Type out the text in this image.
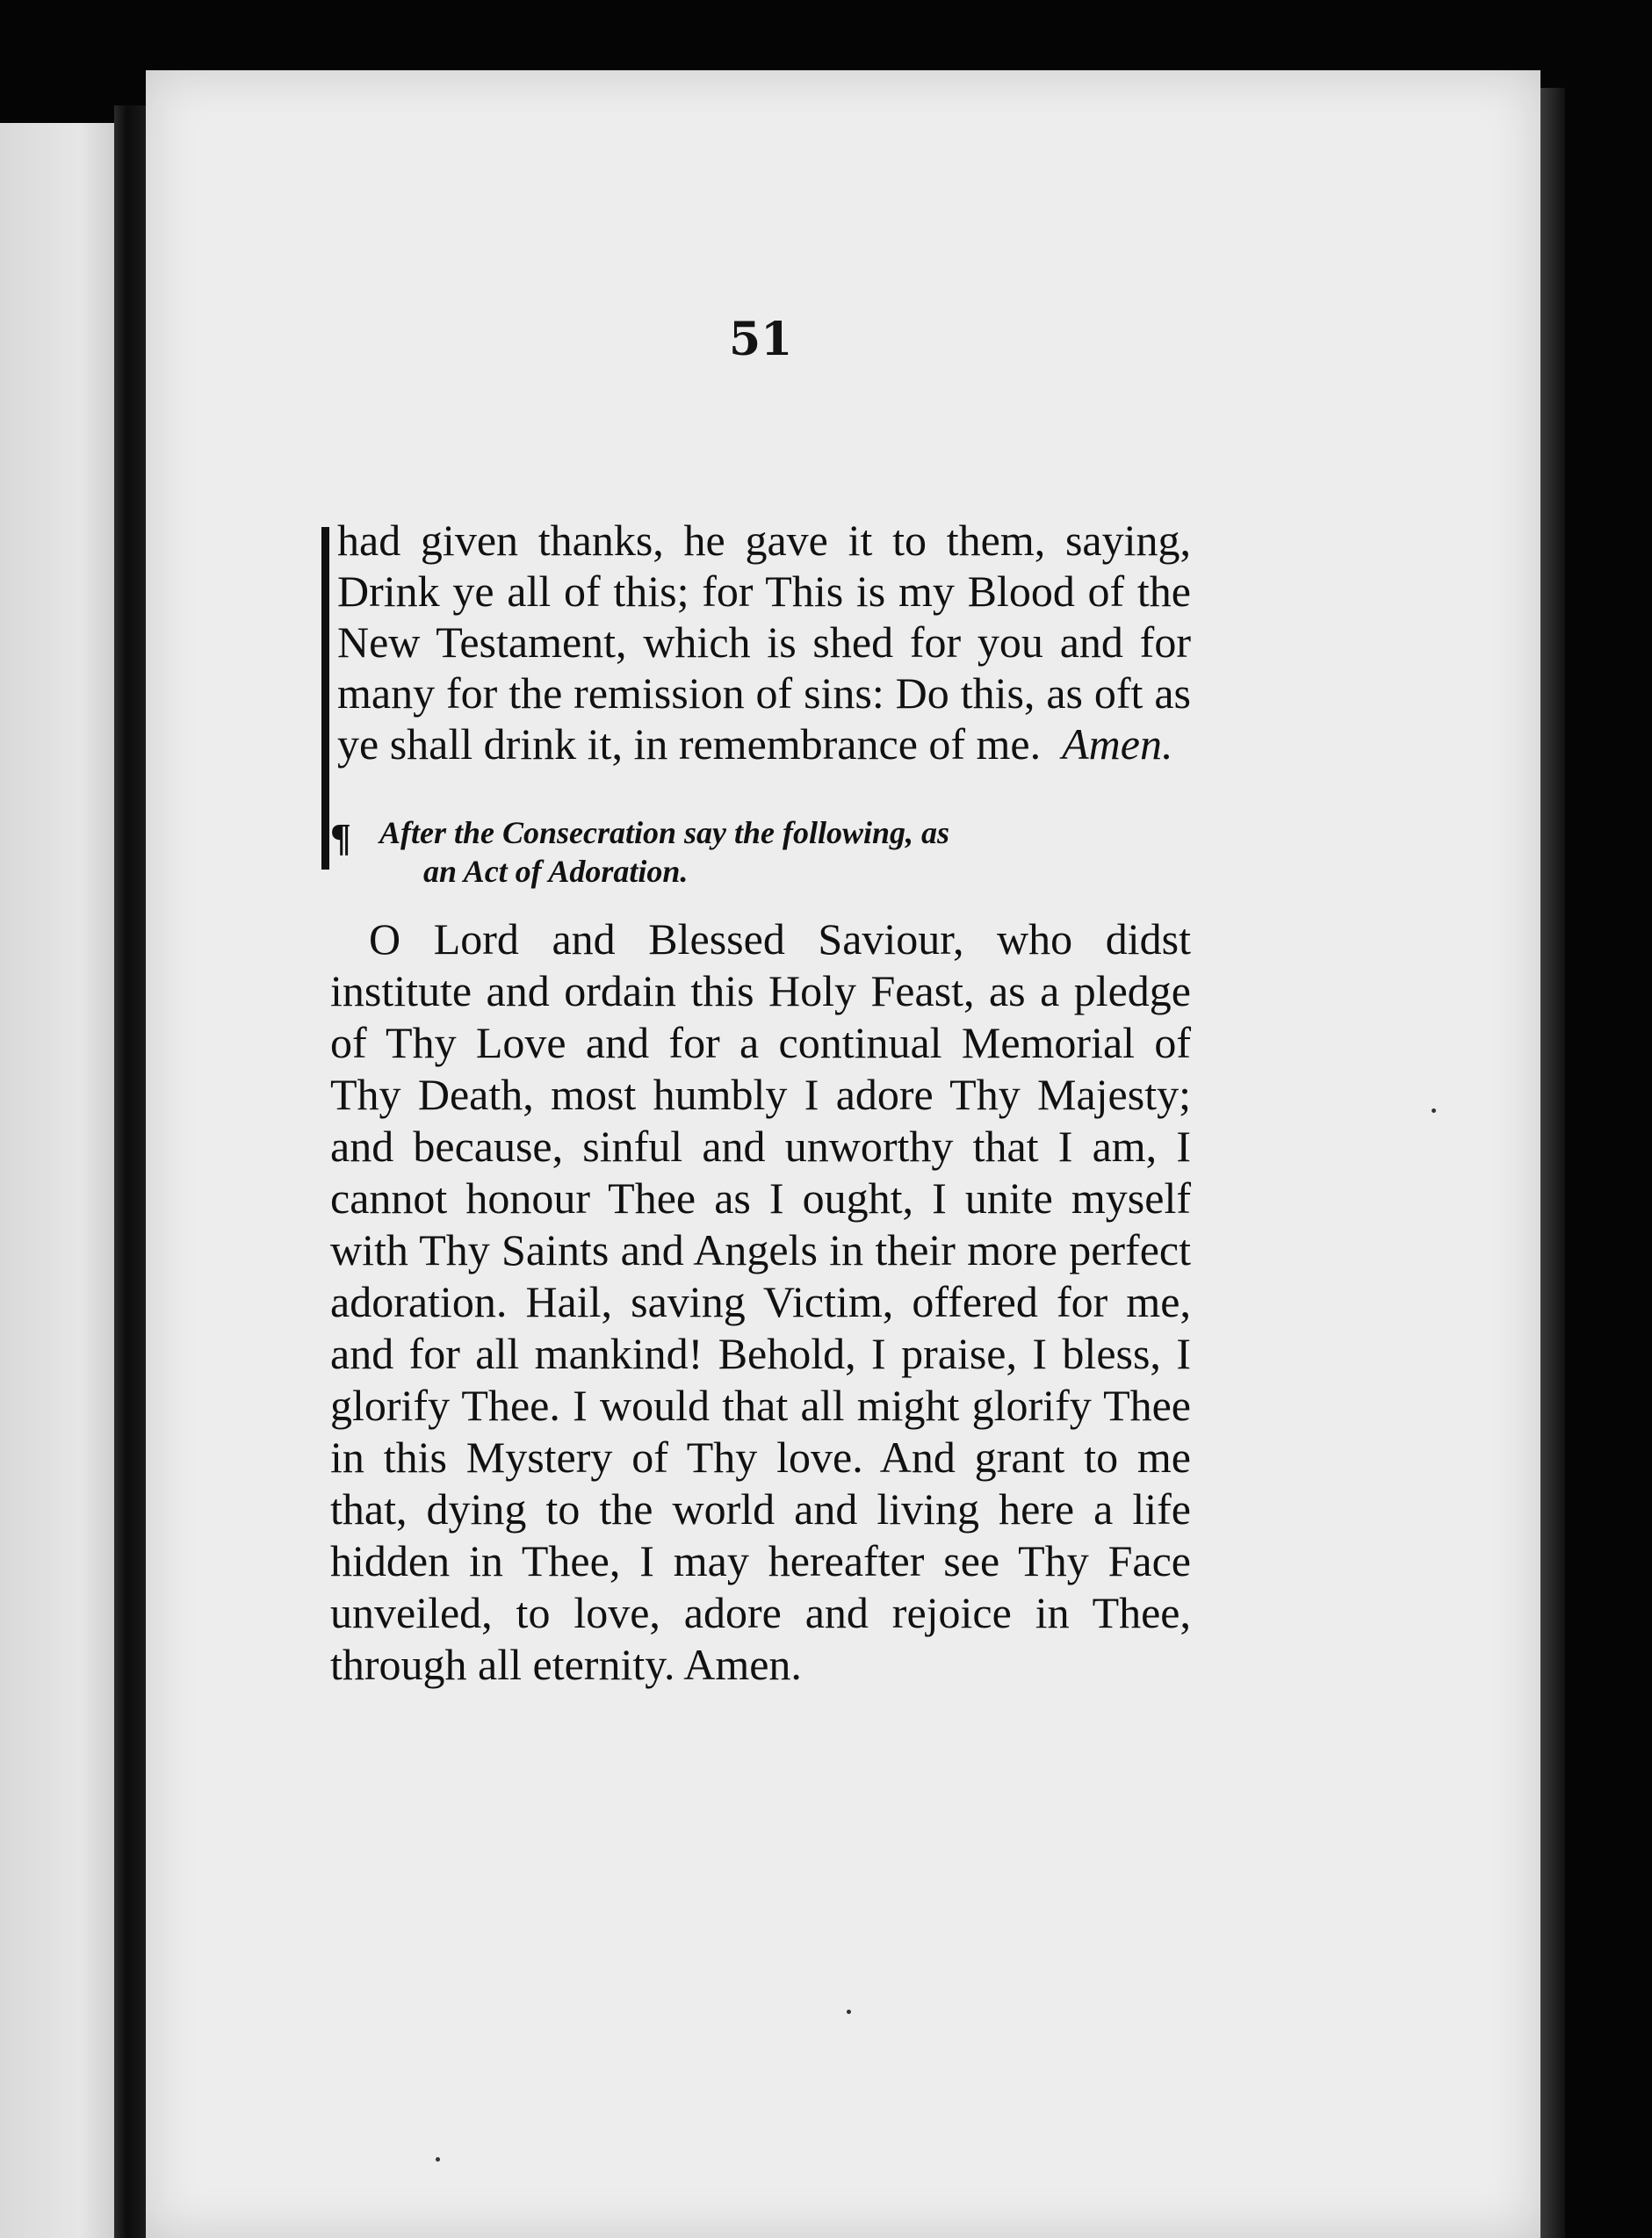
51

had given thanks, he gave it to them, saying, Drink ye all of this; for This is my Blood of the New Testament, which is shed for you and for many for the remission of sins: Do this, as oft as ye shall drink it, in remembrance of me. Amen.

¶ After the Consecration say the following, as
an Act of Adoration.

O Lord and Blessed Saviour, who didst institute and ordain this Holy Feast, as a pledge of Thy Love and for a continual Memorial of Thy Death, most humbly I adore Thy Majesty; and because, sinful and unworthy that I am, I cannot honour Thee as I ought, I unite myself with Thy Saints and Angels in their more perfect adoration. Hail, saving Victim, offered for me, and for all mankind! Behold, I praise, I bless, I glorify Thee. I would that all might glorify Thee in this Mystery of Thy love. And grant to me that, dying to the world and living here a life hidden in Thee, I may hereafter see Thy Face unveiled, to love, adore and rejoice in Thee, through all eternity. Amen.
